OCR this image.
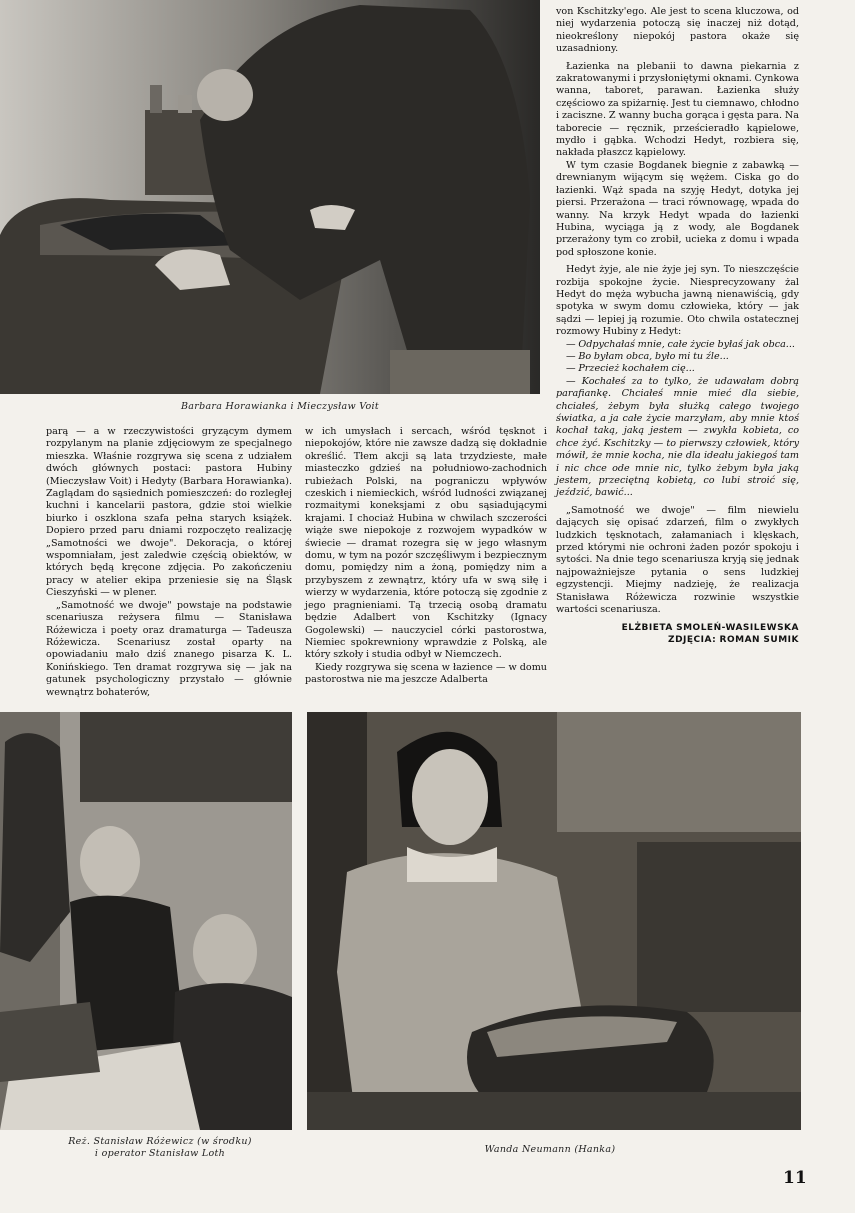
Barbara Horawianka i Mieczysław Voit

parą — a w rzeczywistości gryzącym dymem rozpylanym na planie zdjęciowym ze specjalnego mieszka. Właśnie rozgrywa się scena z udziałem dwóch głównych postaci: pastora Hubiny (Mieczysław Voit) i Hedyty (Barbara Horawianka). Zaglądam do sąsiednich pomieszczeń: do rozległej kuchni i kancelarii pastora, gdzie stoi wielkie biurko i oszklona szafa pełna starych książek. Dopiero przed paru dniami rozpoczęto realizację „Samotności we dwoje". Dekoracja, o której wspomniałam, jest zaledwie częścią obiektów, w których będą kręcone zdjęcia. Po zakończeniu pracy w atelier ekipa przeniesie się na Śląsk Cieszyński — w plener.

„Samotność we dwoje" powstaje na podstawie scenariusza reżysera filmu — Stanisława Różewicza i poety oraz dramaturga — Tadeusza Różewicza. Scenariusz został oparty na opowiadaniu mało dziś znanego pisarza K. L. Konińskiego. Ten dramat rozgrywa się — jak na gatunek psychologiczny przystało — głównie wewnątrz bohaterów,

w ich umysłach i sercach, wśród tęsknot i niepokojów, które nie zawsze dadzą się dokładnie określić. Tłem akcji są lata trzydzieste, małe miasteczko gdzieś na południowo-zachodnich rubieżach Polski, na pograniczu wpływów czeskich i niemieckich, wśród ludności związanej rozmaitymi koneksjami z obu sąsiadującymi krajami. I chociaż Hubina w chwilach szczerości wiąże swe niepokoje z rozwojem wypadków w świecie — dramat rozegra się w jego własnym domu, w tym na pozór szczęśliwym i bezpiecznym domu, pomiędzy nim a żoną, pomiędzy nim a przybyszem z zewnątrz, który ufa w swą siłę i wierzy w wydarzenia, które potoczą się zgodnie z jego pragnieniami. Tą trzecią osobą dramatu będzie Adalbert von Kschitzky (Ignacy Gogolewski) — nauczyciel córki pastorostwa, Niemiec spokrewniony wprawdzie z Polską, ale który szkoły i studia odbył w Niemczech.

Kiedy rozgrywa się scena w łazience — w domu pastorostwa nie ma jeszcze Adalberta

von Kschitzky'ego. Ale jest to scena kluczowa, od niej wydarzenia potoczą się inaczej niż dotąd, nieokreślony niepokój pastora okaże się uzasadniony.

Łazienka na plebanii to dawna piekarnia z zakratowanymi i przysłoniętymi oknami. Cynkowa wanna, taboret, parawan. Łazienka służy częściowo za spiżarnię. Jest tu ciemnawo, chłodno i zaciszne. Z wanny bucha gorąca i gęsta para. Na taborecie — ręcznik, prześcieradło kąpielowe, mydło i gąbka. Wchodzi Hedyt, rozbiera się, nakłada płaszcz kąpielowy.

W tym czasie Bogdanek biegnie z zabawką — drewnianym wijącym się wężem. Ciska go do łazienki. Wąż spada na szyję Hedyt, dotyka jej piersi. Przerażona — traci równowagę, wpada do wanny. Na krzyk Hedyt wpada do łazienki Hubina, wyciąga ją z wody, ale Bogdanek przerażony tym co zrobił, ucieka z domu i wpada pod spłoszone konie.

Hedyt żyje, ale nie żyje jej syn. To nieszczęście rozbija spokojne życie. Niesprecyzowany żal Hedyt do męża wybucha jawną nienawiścią, gdy spotyka w swym domu człowieka, który — jak sądzi — lepiej ją rozumie. Oto chwila ostatecznej rozmowy Hubiny z Hedyt:

— Odpychałaś mnie, całe życie byłaś jak obca...

— Bo byłam obca, było mi tu źle...

— Przecież kochałem cię...

— Kochałeś za to tylko, że udawałam dobrą parafiankę. Chciałeś mnie mieć dla siebie, chciałeś, żebym była służką całego twojego światka, a ja całe życie marzyłam, aby mnie ktoś kochał taką, jaką jestem — zwykła kobieta, co chce żyć. Kschitzky — to pierwszy człowiek, który mówił, że mnie kocha, nie dla ideału jakiegoś tam i nic chce ode mnie nic, tylko żebym była jaką jestem, przeciętną kobietą, co lubi stroić się, jeździć, bawić...

„Samotność we dwoje" — film niewielu dających się opisać zdarzeń, film o zwykłych ludzkich tęsknotach, załamaniach i klęskach, przed którymi nie ochroni żaden pozór spokoju i sytości. Na dnie tego scenariusza kryją się jednak najpoważniejsze pytania o sens ludzkiej egzystencji. Miejmy nadzieję, że realizacja Stanisława Różewicza rozwinie wszystkie wartości scenariusza.

ELŻBIETA SMOLEŃ-WASILEWSKA

ZDJĘCIA: ROMAN SUMIK

Reż. Stanisław Różewicz (w środku)
i operator Stanisław Loth	Wanda Neumann (Hanka)
11
